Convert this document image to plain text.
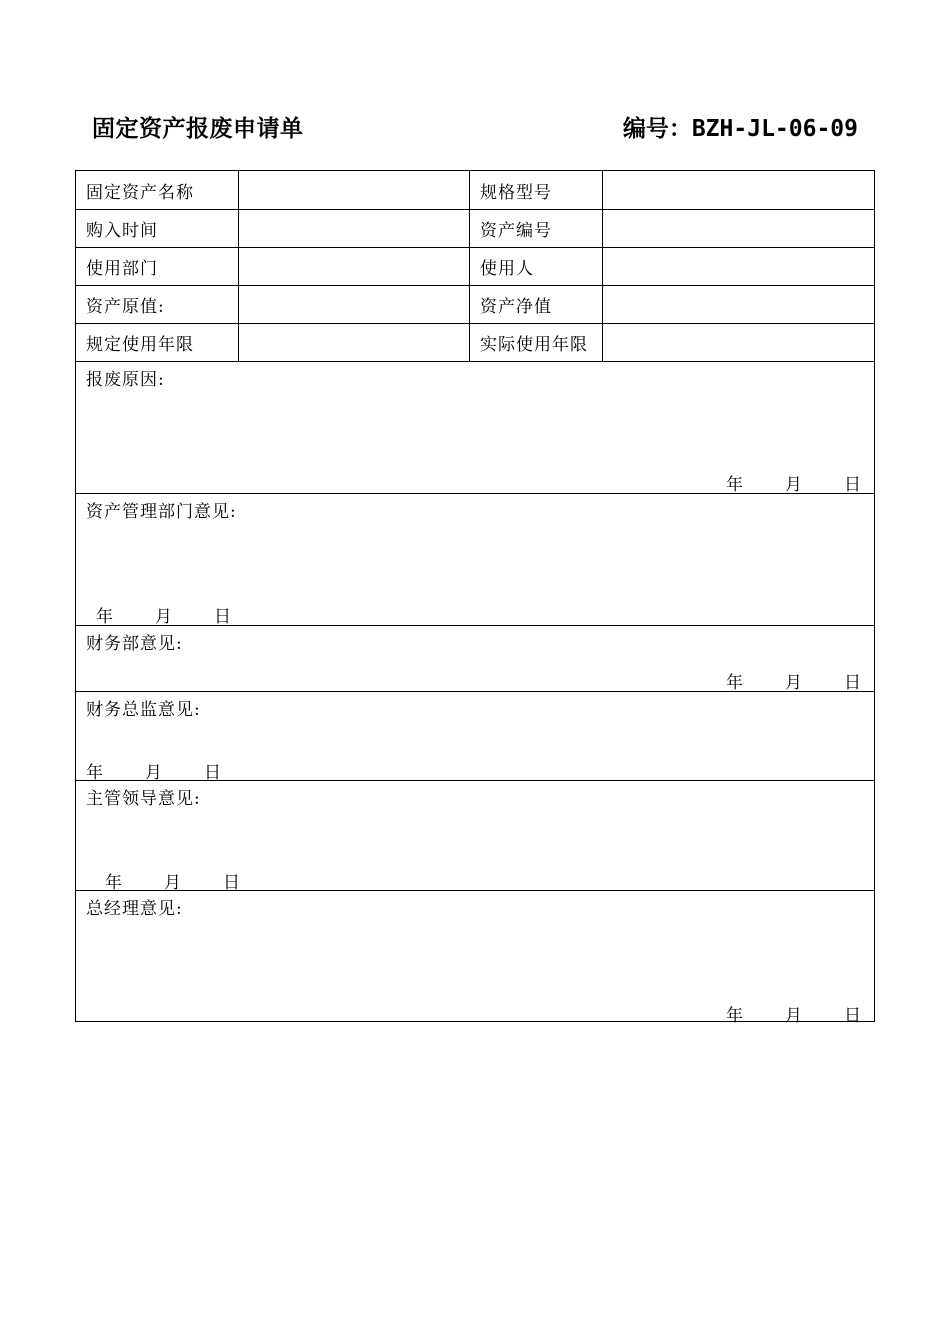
固定资产报废申请单	编号：BZH-JL-06-09
固定资产名称	规格型号
购入时间	资产编号
使用部门	使用人
资产原值:	资产净值
规定使用年限	实际使用年限
报废原因:
年 月 日
资产管理部门意见:
年 月 日
财务部意见:
年 月 日
财务总监意见:
年 月 日
主管领导意见:
年 月 日
总经理意见:
年 月 日
